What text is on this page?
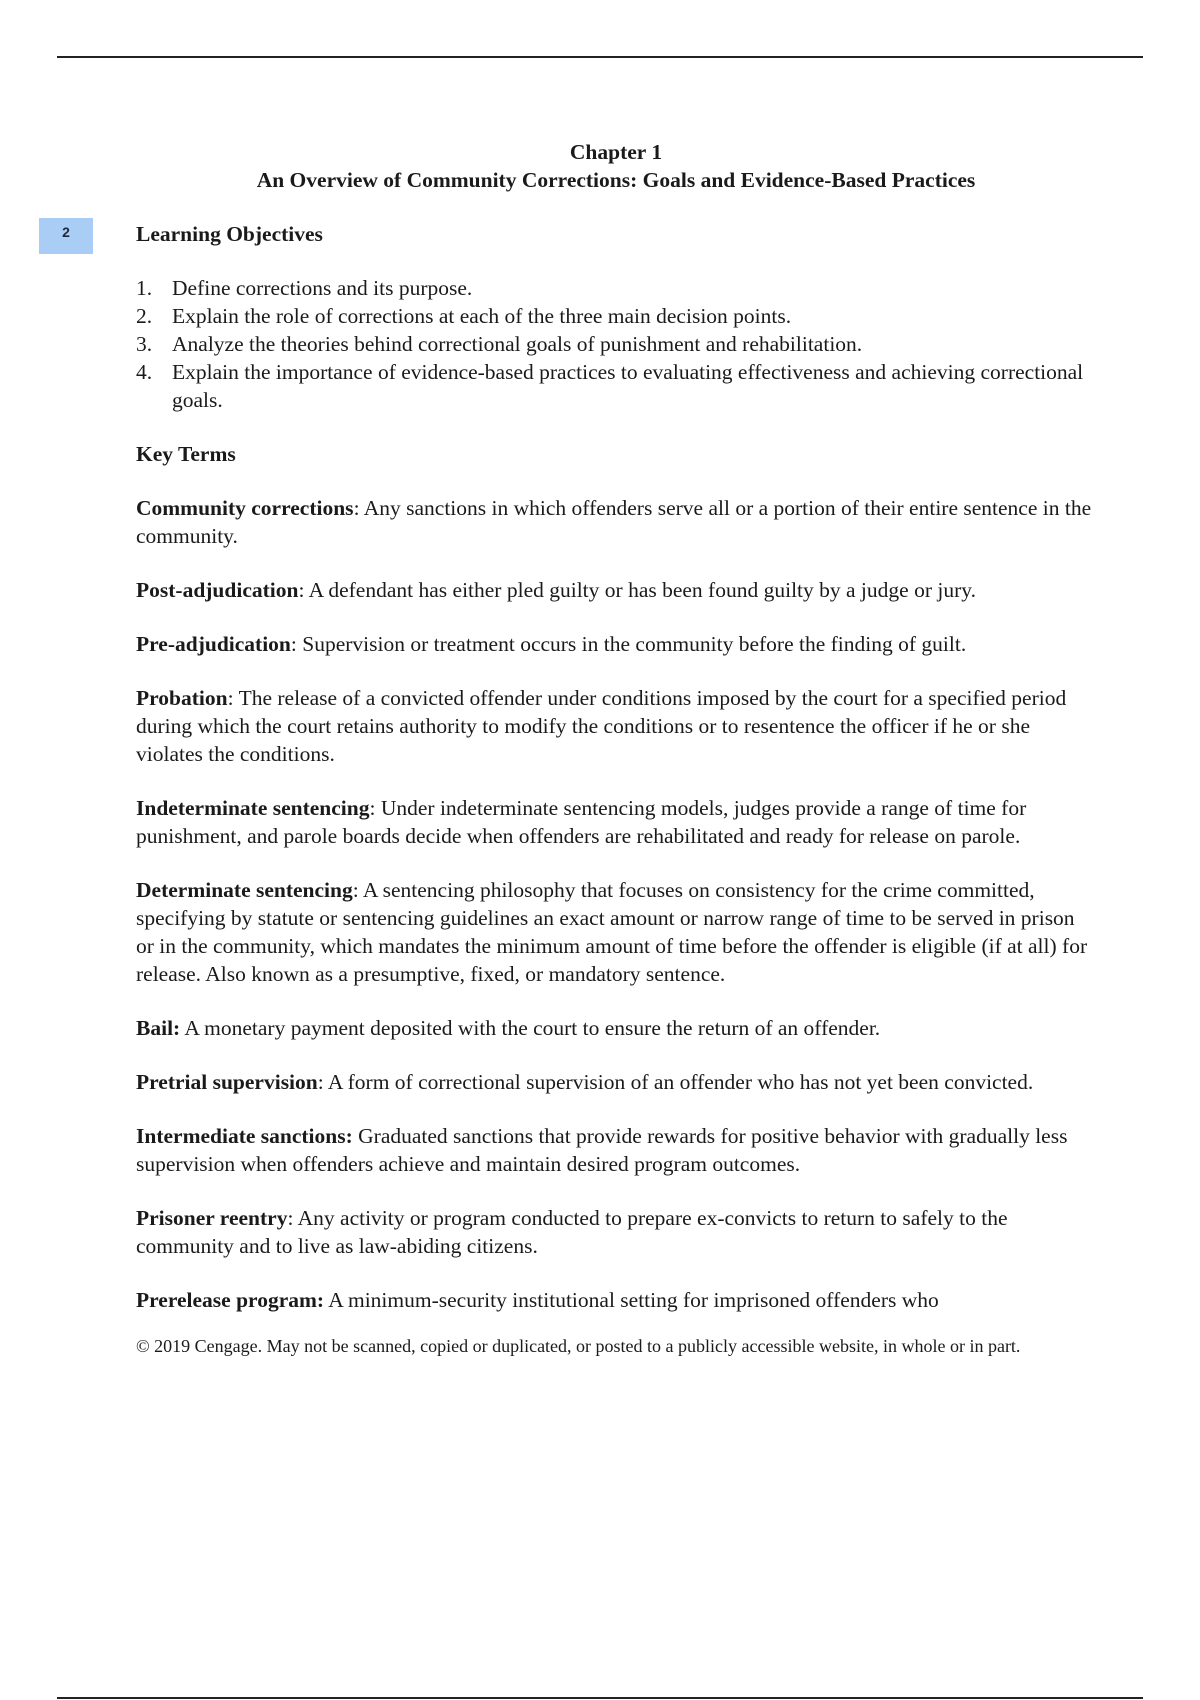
2
Chapter 1
An Overview of Community Corrections: Goals and Evidence-Based Practices
Learning Objectives
1. Define corrections and its purpose.
2. Explain the role of corrections at each of the three main decision points.
3. Analyze the theories behind correctional goals of punishment and rehabilitation.
4. Explain the importance of evidence-based practices to evaluating effectiveness and achieving correctional goals.
Key Terms

Community corrections: Any sanctions in which offenders serve all or a portion of their entire sentence in the community.

Post-adjudication: A defendant has either pled guilty or has been found guilty by a judge or jury.

Pre-adjudication: Supervision or treatment occurs in the community before the finding of guilt.

Probation: The release of a convicted offender under conditions imposed by the court for a specified period during which the court retains authority to modify the conditions or to resentence the officer if he or she violates the conditions.

Indeterminate sentencing: Under indeterminate sentencing models, judges provide a range of time for punishment, and parole boards decide when offenders are rehabilitated and ready for release on parole.

Determinate sentencing: A sentencing philosophy that focuses on consistency for the crime committed, specifying by statute or sentencing guidelines an exact amount or narrow range of time to be served in prison or in the community, which mandates the minimum amount of time before the offender is eligible (if at all) for release. Also known as a presumptive, fixed, or mandatory sentence.

Bail: A monetary payment deposited with the court to ensure the return of an offender.

Pretrial supervision: A form of correctional supervision of an offender who has not yet been convicted.

Intermediate sanctions: Graduated sanctions that provide rewards for positive behavior with gradually less supervision when offenders achieve and maintain desired program outcomes.

Prisoner reentry: Any activity or program conducted to prepare ex-convicts to return to safely to the community and to live as law-abiding citizens.

Prerelease program: A minimum-security institutional setting for imprisoned offenders who

© 2019 Cengage. May not be scanned, copied or duplicated, or posted to a publicly accessible website, in whole or in part.
